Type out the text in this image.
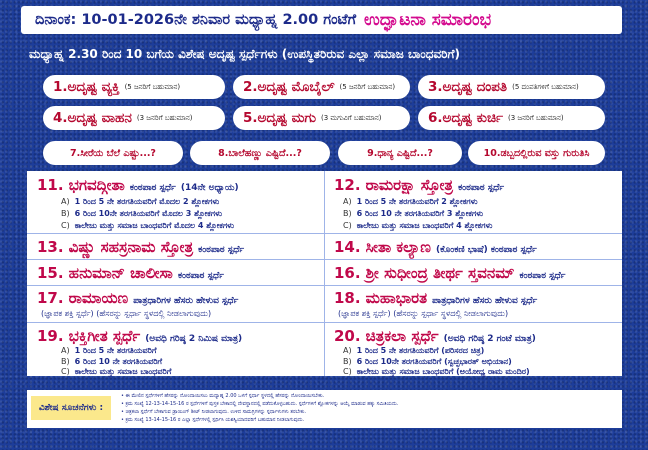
ದಿನಾಂಕ: 10-01-2026ನೇ ಶನಿವಾರ ಮಧ್ಯಾಹ್ನ 2.00 ಗಂಟೆಗೆ ಉದ್ಘಾಟನಾ ಸಮಾರಂಭ
ಮಧ್ಯಾಹ್ನ 2.30 ರಿಂದ 10 ಬಗೆಯ ವಿಶೇಷ ಅದೃಷ್ಟ ಸ್ಪರ್ಧೆಗಳು (ಉಪಸ್ಥಿತರಿರುವ ಎಲ್ಲಾ ಸಮಾಜ ಬಾಂಧವರಿಗೆ)
1.ಅದೃಷ್ಟ ವ್ಯಕ್ತಿ (5 ಜನರಿಗೆ ಬಹುಮಾನ)	2.ಅದೃಷ್ಟ ಮೊಬೈಲ್ (5 ಜನರಿಗೆ ಬಹುಮಾನ) 3.ಅದೃಷ್ಟ ದಂಪತಿ (5 ದಂಪತಿಗಳಿಗೆ ಬಹುಮಾನ)
4.ಅದೃಷ್ಟ ವಾಹನ (3 ಜನರಿಗೆ ಬಹುಮಾನ)	5.ಅದೃಷ್ಟ ಮಗು (3 ಮಗುವಿಗೆ ಬಹುಮಾನ)	6.ಅದೃಷ್ಟ ಕುರ್ಚಿ (3 ಜನರಿಗೆ ಬಹುಮಾನ)
7.ಸೀರೆಯ ಬೆಲೆ ಎಷ್ಟು...?	8.ಬಾಲೆಹಣ್ಣು ಎಷ್ಟಿದೆ...?	9.ಧಾನ್ಯ ಎಷ್ಟಿದೆ...?	10.ಡಬ್ಬದಲ್ಲಿರುವ ವಸ್ತು ಗುರುತಿಸಿ
11. ಭಗವದ್ಗೀತಾ ಕಂಠಪಾಠ ಸ್ಪರ್ಧೆ (14ನೇ ಅಧ್ಯಾಯ)
A) 1 ರಿಂದ 5 ನೇ ತರಗತಿಯವರಿಗೆ ಮೊದಲ 2 ಶ್ಲೋಕಗಳು
B) 6 ರಿಂದ 10ನೇ ತರಗತಿಯವರಿಗೆ ಮೊದಲ 3 ಶ್ಲೋಕಗಳು
C) ಕಾಲೇಜು ಮತ್ತು ಸಮಾಜ ಬಾಂಧವರಿಗೆ ಮೊದಲ 4 ಶ್ಲೋಕಗಳು
12. ರಾಮರಕ್ಷಾ ಸ್ತೋತ್ರ ಕಂಠಪಾಠ ಸ್ಪರ್ಧೆ
A) 1 ರಿಂದ 5 ನೇ ತರಗತಿಯವರಿಗೆ 2 ಶ್ಲೋಕಗಳು
B) 6 ರಿಂದ 10 ನೇ ತರಗತಿಯವರಿಗೆ 3 ಶ್ಲೋಕಗಳು
C) ಕಾಲೇಜು ಮತ್ತು ಸಮಾಜ ಬಾಂಧವರಿಗೆ 4 ಶ್ಲೋಕಗಳು
13. ವಿಷ್ಣು ಸಹಸ್ರನಾಮ ಸ್ತೋತ್ರ ಕಂಠಪಾಠ ಸ್ಪರ್ಧೆ	14. ಸೀತಾ ಕಲ್ಯಾಣ (ಕೊಂಕಣಿ ಭಾಷೆ) ಕಂಠಪಾಠ ಸ್ಪರ್ಧೆ
15. ಹನುಮಾನ್ ಚಾಲೀಸಾ ಕಂಠಪಾಠ ಸ್ಪರ್ಧೆ	16. ಶ್ರೀ ಸುಧೀಂದ್ರ ತೀರ್ಥ ಸ್ತವನಮ್ ಕಂಠಪಾಠ ಸ್ಪರ್ಧೆ
17. ರಾಮಾಯಣ ಪಾತ್ರಧಾರಿಗಳ ಹೆಸರು ಹೇಳುವ ಸ್ಪರ್ಧೆ
(ಜ್ಞಾಪಕ ಶಕ್ತಿ ಸ್ಪರ್ಧೆ) (ಹೆಸರನ್ನು ಸ್ಪರ್ಧಾ ಸ್ಥಳದಲ್ಲಿ ನೀಡಲಾಗುವುದು)
18. ಮಹಾಭಾರತ ಪಾತ್ರಧಾರಿಗಳ ಹೆಸರು ಹೇಳುವ ಸ್ಪರ್ಧೆ
(ಜ್ಞಾಪಕ ಶಕ್ತಿ ಸ್ಪರ್ಧೆ) (ಹೆಸರನ್ನು ಸ್ಪರ್ಧಾ ಸ್ಥಳದಲ್ಲಿ ನೀಡಲಾಗುವುದು)
19. ಭಕ್ತಿಗೀತ ಸ್ಪರ್ಧೆ (ಅವಧಿ ಗರಿಷ್ಠ 2 ನಿಮಿಷ ಮಾತ್ರ)
A) 1 ರಿಂದ 5 ನೇ ತರಗತಿಯವರಿಗೆ
B) 6 ರಿಂದ 10 ನೇ ತರಗತಿಯವರಿಗೆ
C) ಕಾಲೇಜು ಮತ್ತು ಸಮಾಜ ಬಾಂಧವರಿಗೆ
20. ಚಿತ್ರಕಲಾ ಸ್ಪರ್ಧೆ (ಅವಧಿ ಗರಿಷ್ಠ 2 ಗಂಟೆ ಮಾತ್ರ)
A) 1 ರಿಂದ 5 ನೇ ತರಗತಿಯವರಿಗೆ (ಪರಿಸರದ ಚಿತ್ರ)
B) 6 ರಿಂದ 10ನೇ ತರಗತಿಯವರಿಗೆ (ಸ್ವಚ್ಛಭಾರತ್ ಅಭಿಯಾನ)
C) ಕಾಲೇಜು ಮತ್ತು ಸಮಾಜ ಬಾಂಧವರಿಗೆ (ಅಯೋಧ್ಯ ರಾಮ ಮಂದಿರ)
ವಿಶೇಷ ಸೂಚನೆಗಳು :
• ಈ ಮೇಲಿನ ಸ್ಪರ್ಧೆಗಳಿಗೆ ಹೆಸರನ್ನು ನೋಂದಾಯಿಸಲು ಮಧ್ಯಾಹ್ನ 2.00 ಒಳಗೆ ಸ್ಪರ್ಧಾ ಸ್ಥಳದಲ್ಲಿ ಹೆಸರನ್ನು ನೋಂದಾಯಿಸಬೇಕು.
• ಕ್ರಮ ಸಂಖ್ಯೆ 12-13-14-15-16 ರ ಸ್ಪರ್ಧೆಗಳಿಗೆ ಪುಸ್ತಕ ಬೇಕಾದಲ್ಲಿ ದೇವಸ್ಥಾನದಲ್ಲಿ ಪಡೆದುಕೊಳ್ಳಬಹುದು. ಸ್ಪರ್ಧೆಗಳಿಗೆ ಶ್ಲೋಕಗಳನ್ನು ಆಯ್ಕೆ ಮಾಡುವ ಹಕ್ಕು ಸಮಿತಿಯದು.
• ಚಿತ್ರಕಲಾ ಸ್ಪರ್ಧೆಗೆ ಬೇಕಾಗುವ ಡ್ರಾಯಿಂಗ್ ಶೀಟ್ ನೀಡಲಾಗುವುದು. ಉಳಿದ ಸಾಮಗ್ರಿಗಳನ್ನು ಸ್ಪರ್ಧಾಳುಗಳು ತರಬೇಕು.
• ಕ್ರಮ ಸಂಖ್ಯೆ 13-14-15-16 ರ ಎಲ್ಲಾ ಸ್ಪರ್ಧೆಗಳಲ್ಲಿ ಸ್ಪರ್ಧಿಸಿ ಯಶಸ್ವಿಯಾದವರಿಗೆ ಬಹುಮಾನ ನೀಡಲಾಗುವುದು.
